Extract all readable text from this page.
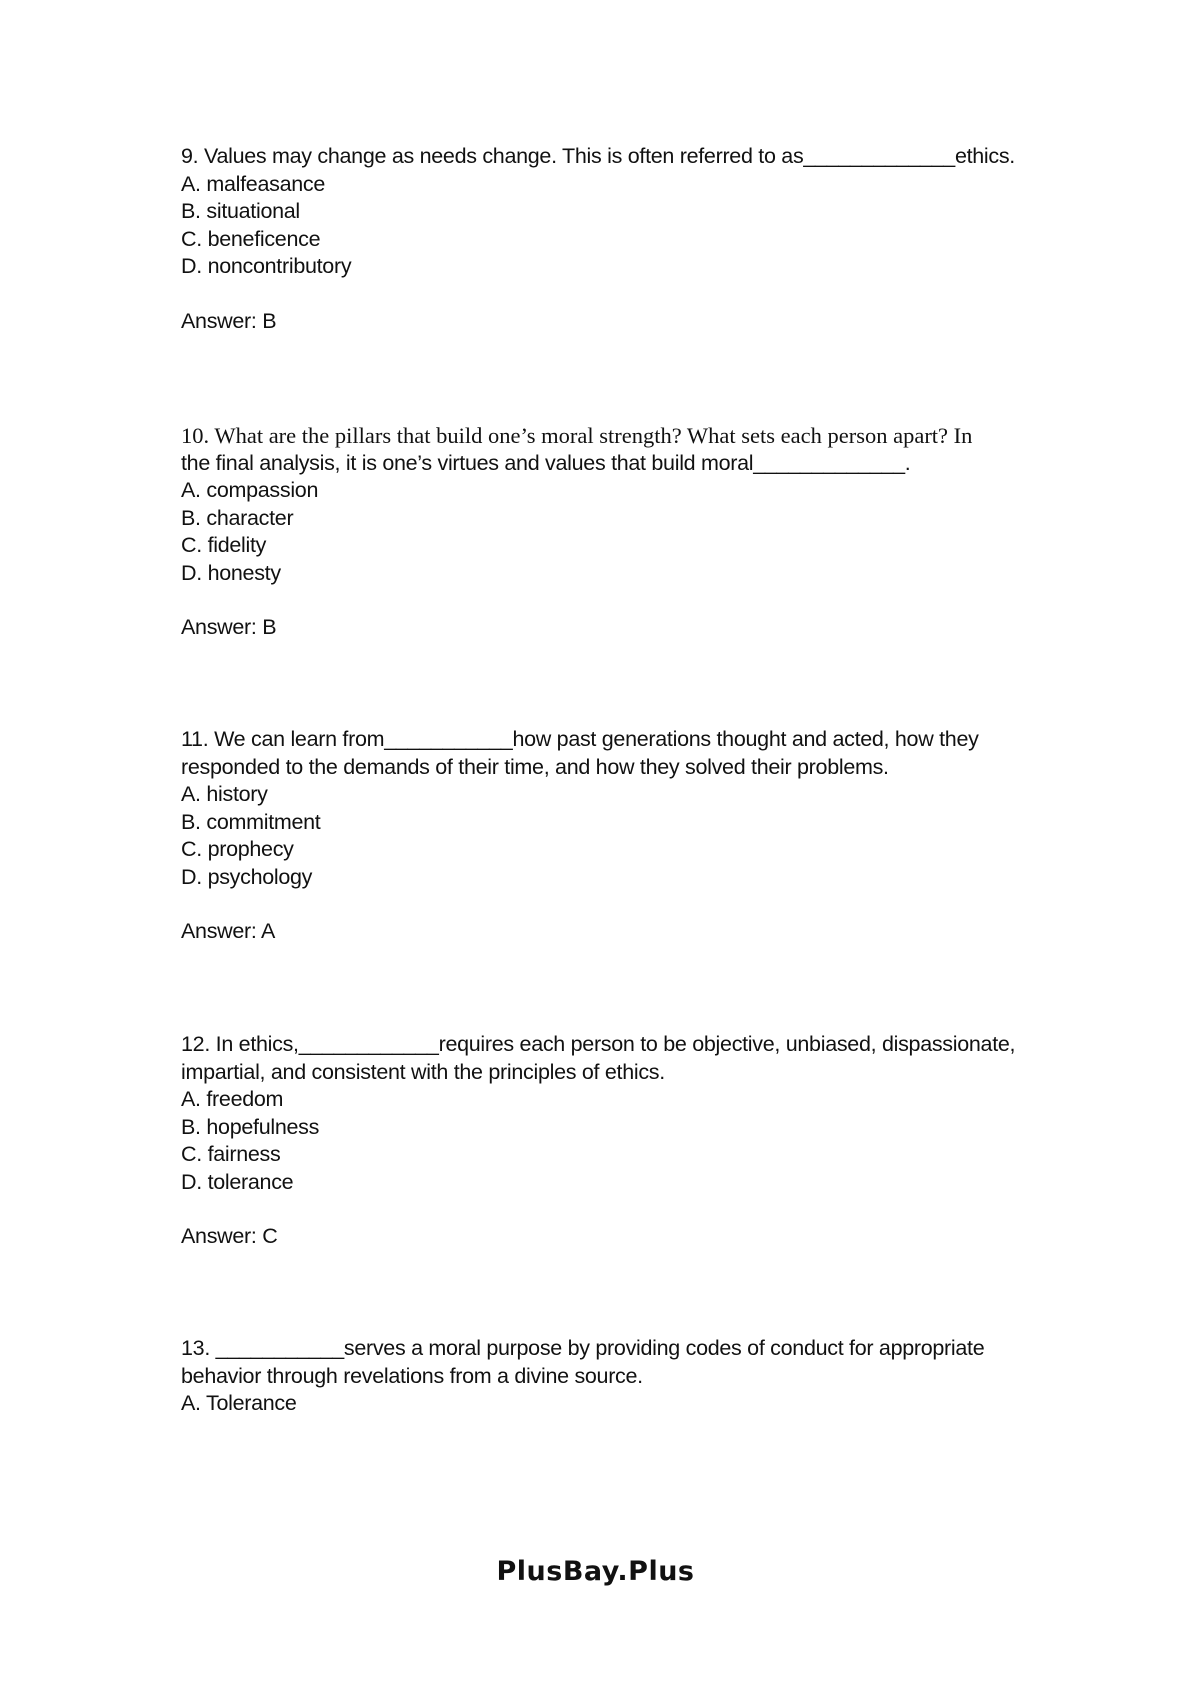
9. Values may change as needs change. This is often referred to as_____________ethics.
A. malfeasance
B. situational
C. beneficence
D. noncontributory
Answer: B
10. What are the pillars that build one’s moral strength? What sets each person apart? In
the final analysis, it is one’s virtues and values that build moral_____________.
A. compassion
B. character
C. fidelity
D. honesty
Answer: B
11. We can learn from___________how past generations thought and acted, how they
responded to the demands of their time, and how they solved their problems.
A. history
B. commitment
C. prophecy
D. psychology
Answer: A
12. In ethics,____________requires each person to be objective, unbiased, dispassionate,
impartial, and consistent with the principles of ethics.
A. freedom
B. hopefulness
C. fairness
D. tolerance
Answer: C
13. ___________serves a moral purpose by providing codes of conduct for appropriate
behavior through revelations from a divine source.
A. Tolerance
PlusBay.Plus
